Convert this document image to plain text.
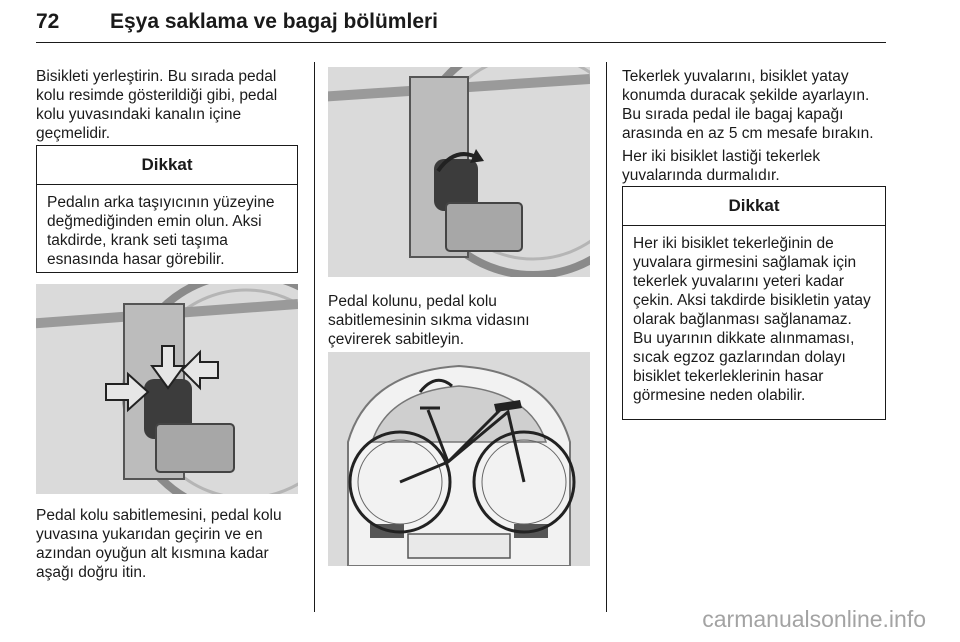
72 Eşya saklama ve bagaj bölümleri

Bisikleti yerleştirin. Bu sırada pedal kolu resimde gösterildiği gibi, pedal kolu yuvasındaki kanalın içine geçmelidir.

Dikkat
Pedalın arka taşıyıcının yüzeyine değmediğinden emin olun. Aksi takdirde, krank seti taşıma esnasında hasar görebilir.

Pedal kolu sabitlemesini, pedal kolu yuvasına yukarıdan geçirin ve en azından oyuğun alt kısmına kadar aşağı doğru itin.

Pedal kolunu, pedal kolu sabitlemesinin sıkma vidasını çevirerek sabitleyin.

Tekerlek yuvalarını, bisiklet yatay konumda duracak şekilde ayarlayın. Bu sırada pedal ile bagaj kapağı arasında en az 5 cm mesafe bırakın.

Her iki bisiklet lastiği tekerlek yuvalarında durmalıdır.

Dikkat
Her iki bisiklet tekerleğinin de yuvalara girmesini sağlamak için tekerlek yuvalarını yeteri kadar çekin. Aksi takdirde bisikletin yatay olarak bağlanması sağlanamaz. Bu uyarının dikkate alınmaması, sıcak egzoz gazlarından dolayı bisiklet tekerleklerinin hasar görmesine neden olabilir.
carmanualsonline.info
